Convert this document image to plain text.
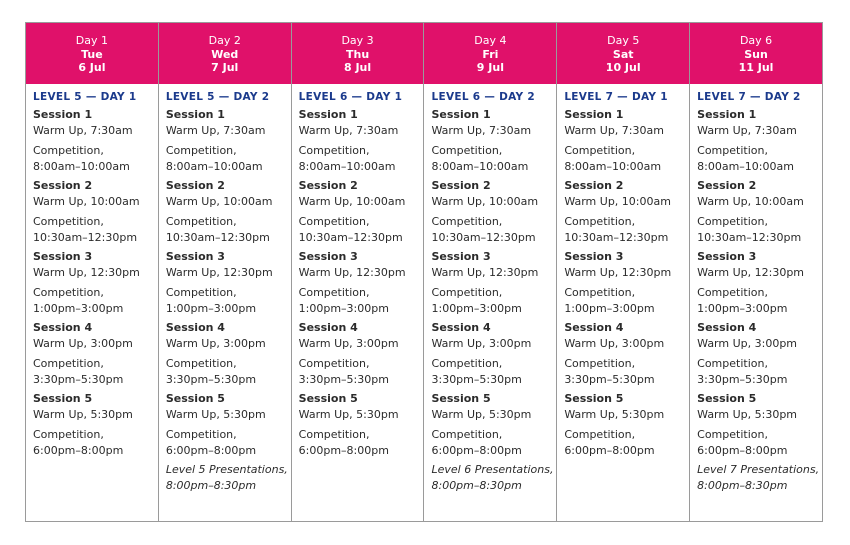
Day 1
Tue
6 Jul
LEVEL 5 — DAY 1
Session 1
Warm Up, 7:30am
Competition,
8:00am–10:00am
Session 2
Warm Up, 10:00am
Competition,
10:30am–12:30pm
Session 3
Warm Up, 12:30pm
Competition,
1:00pm–3:00pm
Session 4
Warm Up, 3:00pm
Competition,
3:30pm–5:30pm
Session 5
Warm Up, 5:30pm
Competition,
6:00pm–8:00pm
Day 2
Wed
7 Jul
LEVEL 5 — DAY 2
Session 1
Warm Up, 7:30am
Competition,
8:00am–10:00am
Session 2
Warm Up, 10:00am
Competition,
10:30am–12:30pm
Session 3
Warm Up, 12:30pm
Competition,
1:00pm–3:00pm
Session 4
Warm Up, 3:00pm
Competition,
3:30pm–5:30pm
Session 5
Warm Up, 5:30pm
Competition,
6:00pm–8:00pm
Level 5 Presentations,
8:00pm–8:30pm
Day 3
Thu
8 Jul
LEVEL 6 — DAY 1
Session 1
Warm Up, 7:30am
Competition,
8:00am–10:00am
Session 2
Warm Up, 10:00am
Competition,
10:30am–12:30pm
Session 3
Warm Up, 12:30pm
Competition,
1:00pm–3:00pm
Session 4
Warm Up, 3:00pm
Competition,
3:30pm–5:30pm
Session 5
Warm Up, 5:30pm
Competition,
6:00pm–8:00pm
Day 4
Fri
9 Jul
LEVEL 6 — DAY 2
Session 1
Warm Up, 7:30am
Competition,
8:00am–10:00am
Session 2
Warm Up, 10:00am
Competition,
10:30am–12:30pm
Session 3
Warm Up, 12:30pm
Competition,
1:00pm–3:00pm
Session 4
Warm Up, 3:00pm
Competition,
3:30pm–5:30pm
Session 5
Warm Up, 5:30pm
Competition,
6:00pm–8:00pm
Level 6 Presentations,
8:00pm–8:30pm
Day 5
Sat
10 Jul
LEVEL 7 — DAY 1
Session 1
Warm Up, 7:30am
Competition,
8:00am–10:00am
Session 2
Warm Up, 10:00am
Competition,
10:30am–12:30pm
Session 3
Warm Up, 12:30pm
Competition,
1:00pm–3:00pm
Session 4
Warm Up, 3:00pm
Competition,
3:30pm–5:30pm
Session 5
Warm Up, 5:30pm
Competition,
6:00pm–8:00pm
Day 6
Sun
11 Jul
LEVEL 7 — DAY 2
Session 1
Warm Up, 7:30am
Competition,
8:00am–10:00am
Session 2
Warm Up, 10:00am
Competition,
10:30am–12:30pm
Session 3
Warm Up, 12:30pm
Competition,
1:00pm–3:00pm
Session 4
Warm Up, 3:00pm
Competition,
3:30pm–5:30pm
Session 5
Warm Up, 5:30pm
Competition,
6:00pm–8:00pm
Level 7 Presentations,
8:00pm–8:30pm
